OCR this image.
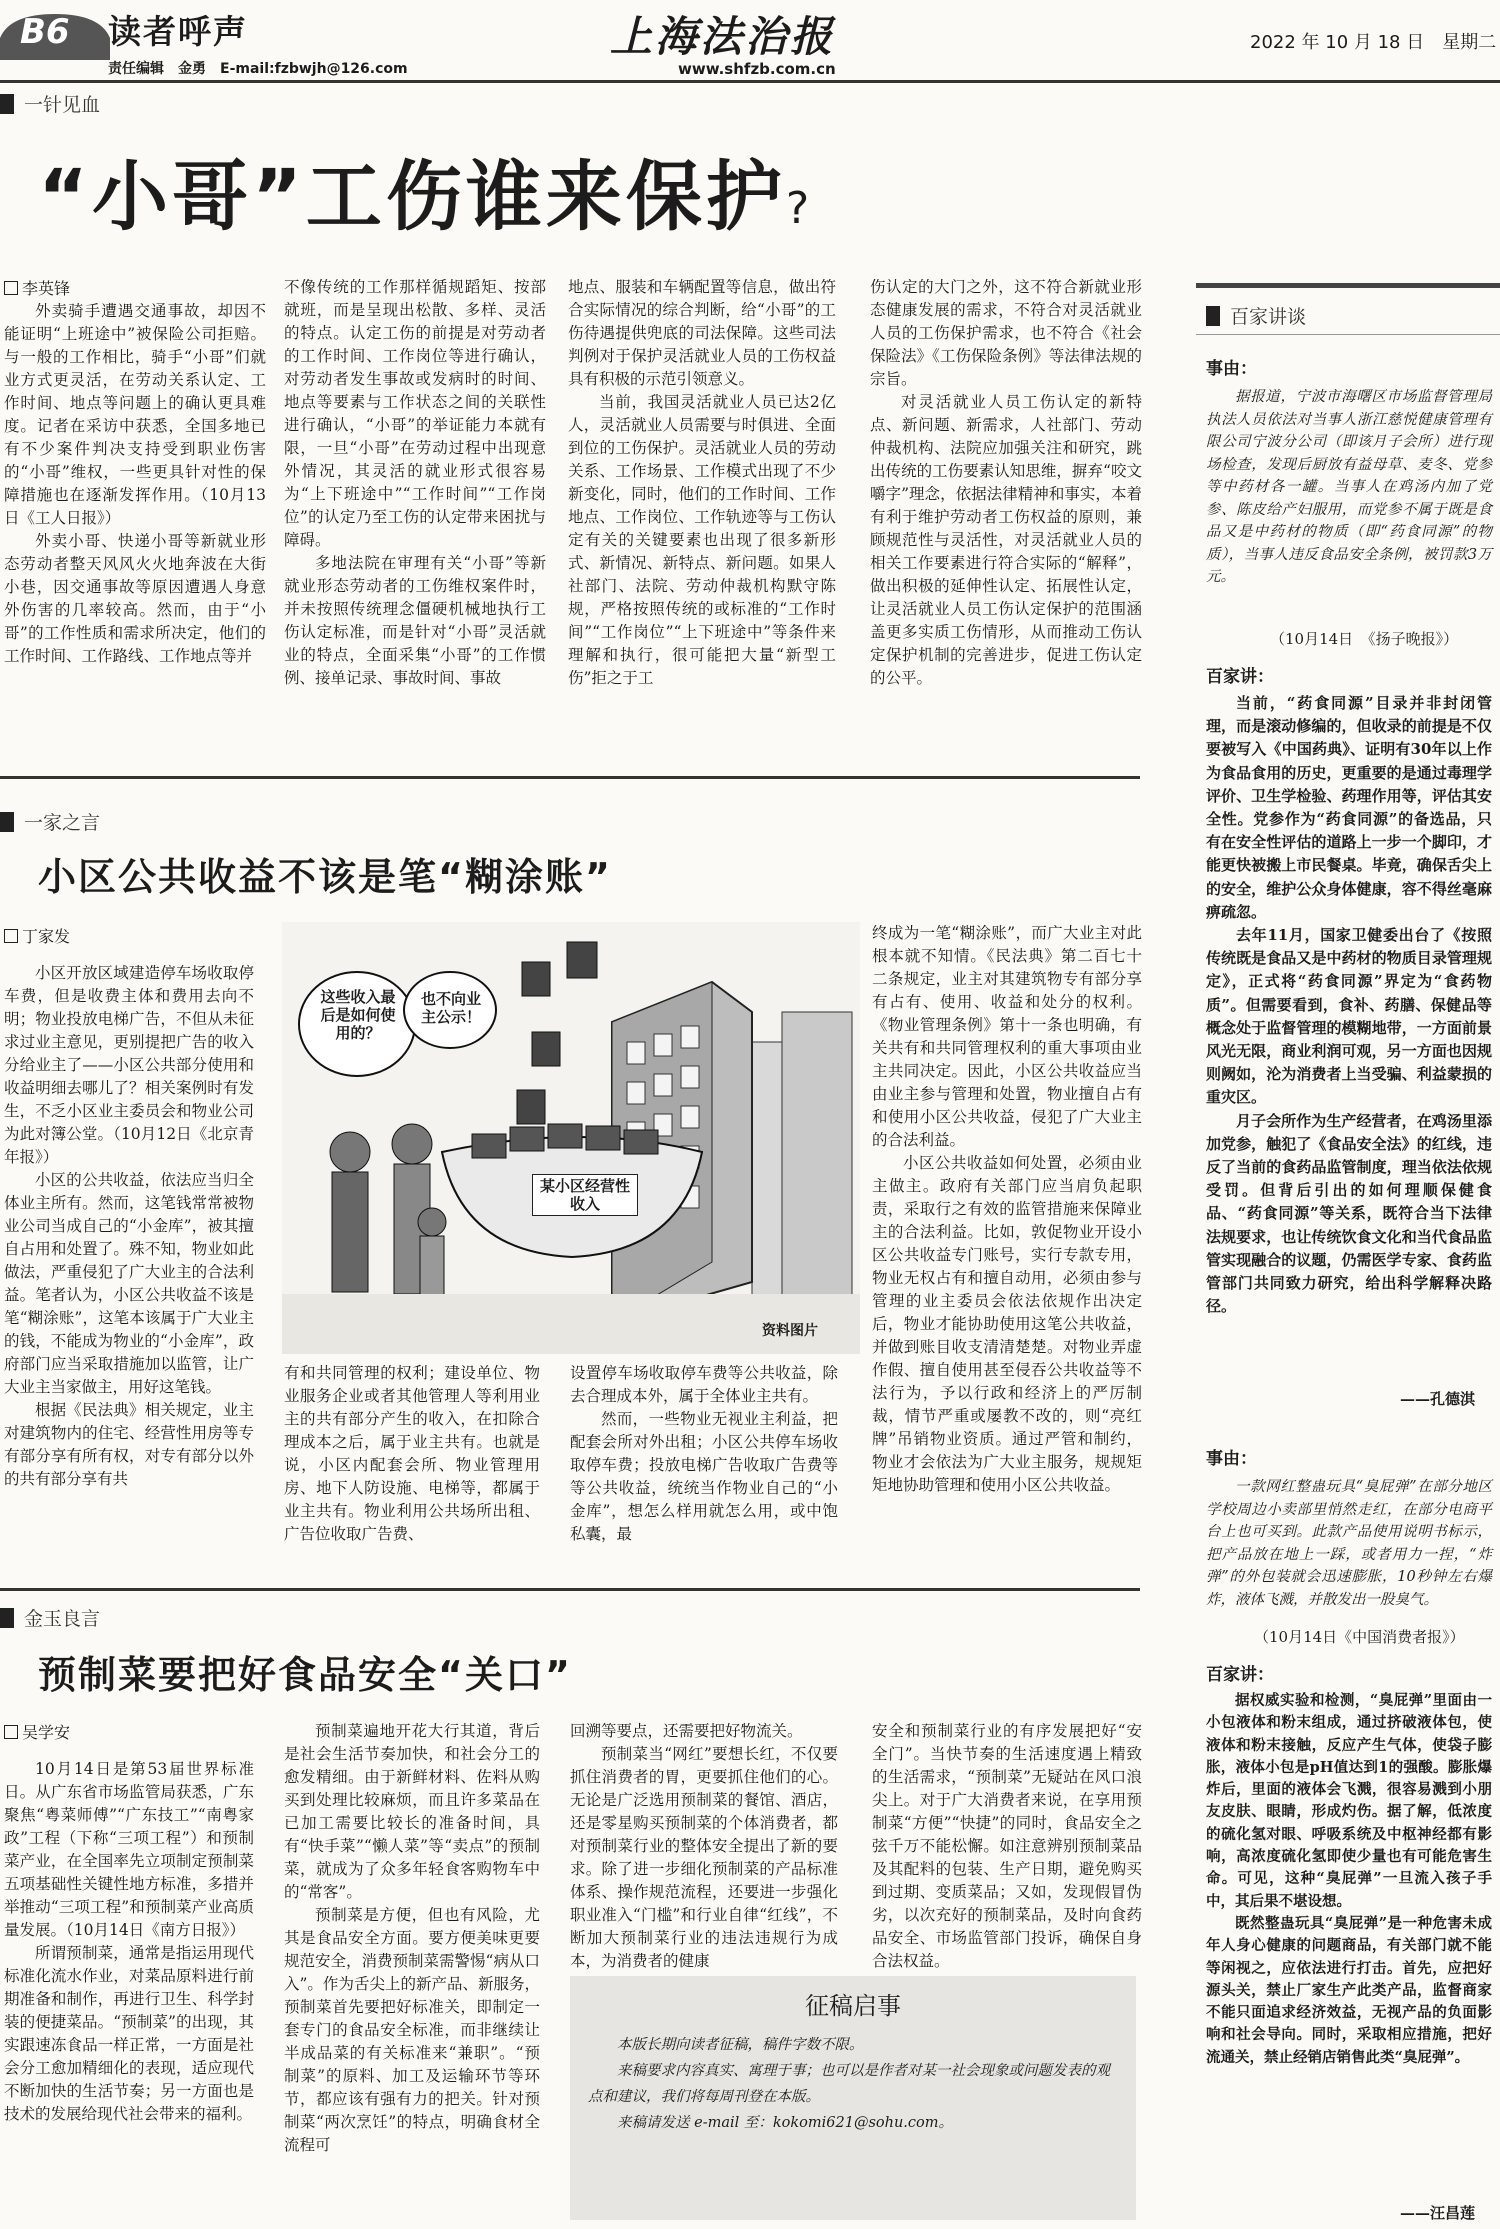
B6 读者呼声
责任编辑　金勇　E-mail:fzbwjh@126.com
上海法治报
www.shfzb.com.cn
2022 年 10 月 18 日　星期二
一针见血
“小哥”工伤谁来保护?
李英锋

外卖骑手遭遇交通事故，却因不能证明“上班途中”被保险公司拒赔。与一般的工作相比，骑手“小哥”们就业方式更灵活，在劳动关系认定、工作时间、地点等问题上的确认更具难度。记者在采访中获悉，全国多地已有不少案件判决支持受到职业伤害的“小哥”维权，一些更具针对性的保障措施也在逐渐发挥作用。（10月13日《工人日报》）

外卖小哥、快递小哥等新就业形态劳动者整天风风火火地奔波在大街小巷，因交通事故等原因遭遇人身意外伤害的几率较高。然而，由于“小哥”的工作性质和需求所决定，他们的工作时间、工作路线、工作地点等并

不像传统的工作那样循规蹈矩、按部就班，而是呈现出松散、多样、灵活的特点。认定工伤的前提是对劳动者的工作时间、工作岗位等进行确认，对劳动者发生事故或发病时的时间、地点等要素与工作状态之间的关联性进行确认，“小哥”的举证能力本就有限，一旦“小哥”在劳动过程中出现意外情况，其灵活的就业形式很容易为“上下班途中”“工作时间”“工作岗位”的认定乃至工伤的认定带来困扰与障碍。

多地法院在审理有关“小哥”等新就业形态劳动者的工伤维权案件时，并未按照传统理念僵硬机械地执行工伤认定标准，而是针对“小哥”灵活就业的特点，全面采集“小哥”的工作惯例、接单记录、事故时间、事故

地点、服装和车辆配置等信息，做出符合实际情况的综合判断，给“小哥”的工伤待遇提供兜底的司法保障。这些司法判例对于保护灵活就业人员的工伤权益具有积极的示范引领意义。

当前，我国灵活就业人员已达2亿人，灵活就业人员需要与时俱进、全面到位的工伤保护。灵活就业人员的劳动关系、工作场景、工作模式出现了不少新变化，同时，他们的工作时间、工作地点、工作岗位、工作轨迹等与工伤认定有关的关键要素也出现了很多新形式、新情况、新特点、新问题。如果人社部门、法院、劳动仲裁机构默守陈规，严格按照传统的或标准的“工作时间”“工作岗位”“上下班途中”等条件来理解和执行，很可能把大量“新型工伤”拒之于工

伤认定的大门之外，这不符合新就业形态健康发展的需求，不符合对灵活就业人员的工伤保护需求，也不符合《社会保险法》《工伤保险条例》等法律法规的宗旨。

对灵活就业人员工伤认定的新特点、新问题、新需求，人社部门、劳动仲裁机构、法院应加强关注和研究，跳出传统的工伤要素认知思维，摒弃“咬文嚼字”理念，依据法律精神和事实，本着有利于维护劳动者工伤权益的原则，兼顾规范性与灵活性，对灵活就业人员的相关工作要素进行符合实际的“解释”，做出积极的延伸性认定、拓展性认定，让灵活就业人员工伤认定保护的范围涵盖更多实质工伤情形，从而推动工伤认定保护机制的完善进步，促进工伤认定的公平。

一家之言
小区公共收益不该是笔“糊涂账”
丁家发

小区开放区域建造停车场收取停车费，但是收费主体和费用去向不明；物业投放电梯广告，不但从未征求过业主意见，更别提把广告的收入分给业主了——小区公共部分使用和收益明细去哪儿了？相关案例时有发生，不乏小区业主委员会和物业公司为此对簿公堂。（10月12日《北京青年报》）

小区的公共收益，依法应当归全体业主所有。然而，这笔钱常常被物业公司当成自己的“小金库”，被其擅自占用和处置了。殊不知，物业如此做法，严重侵犯了广大业主的合法利益。笔者认为，小区公共收益不该是笔“糊涂账”，这笔本该属于广大业主的钱，不能成为物业的“小金库”，政府部门应当采取措施加以监管，让广大业主当家做主，用好这笔钱。

根据《民法典》相关规定，业主对建筑物内的住宅、经营性用房等专有部分享有所有权，对专有部分以外的共有部分享有共

这些收入最后是如何使用的？
也不向业主公示！
某小区经营性收入
资料图片

有和共同管理的权利；建设单位、物业服务企业或者其他管理人等利用业主的共有部分产生的收入，在扣除合理成本之后，属于业主共有。也就是说，小区内配套会所、物业管理用房、地下人防设施、电梯等，都属于业主共有。物业利用公共场所出租、广告位收取广告费、

设置停车场收取停车费等公共收益，除去合理成本外，属于全体业主共有。

然而，一些物业无视业主利益，把配套会所对外出租；小区公共停车场收取停车费；投放电梯广告收取广告费等等公共收益，统统当作物业自己的“小金库”，想怎么样用就怎么用，或中饱私囊，最

终成为一笔“糊涂账”，而广大业主对此根本就不知情。《民法典》第二百七十二条规定，业主对其建筑物专有部分享有占有、使用、收益和处分的权利。《物业管理条例》第十一条也明确，有关共有和共同管理权利的重大事项由业主共同决定。因此，小区公共收益应当由业主参与管理和处置，物业擅自占有和使用小区公共收益，侵犯了广大业主的合法利益。

小区公共收益如何处置，必须由业主做主。政府有关部门应当肩负起职责，采取行之有效的监管措施来保障业主的合法利益。比如，敦促物业开设小区公共收益专门账号，实行专款专用，物业无权占有和擅自动用，必须由参与管理的业主委员会依法依规作出决定后，物业才能协助使用这笔公共收益，并做到账目收支清清楚楚。对物业弄虚作假、擅自使用甚至侵吞公共收益等不法行为，予以行政和经济上的严厉制裁，情节严重或屡教不改的，则“亮红牌”吊销物业资质。通过严管和制约，物业才会依法为广大业主服务，规规矩矩地协助管理和使用小区公共收益。

金玉良言
预制菜要把好食品安全“关口”
吴学安

10月14日是第53届世界标准日。从广东省市场监管局获悉，广东聚焦“粤菜师傅”“广东技工”“南粤家政”工程（下称“三项工程”）和预制菜产业，在全国率先立项制定预制菜五项基础性关键性地方标准，多措并举推动“三项工程”和预制菜产业高质量发展。（10月14日《南方日报》）

所谓预制菜，通常是指运用现代标准化流水作业，对菜品原料进行前期准备和制作，再进行卫生、科学封装的便捷菜品。“预制菜”的出现，其实跟速冻食品一样正常，一方面是社会分工愈加精细化的表现，适应现代不断加快的生活节奏；另一方面也是技术的发展给现代社会带来的福利。

预制菜遍地开花大行其道，背后是社会生活节奏加快，和社会分工的愈发精细。由于新鲜材料、佐料从购买到处理比较麻烦，而且许多菜品在已加工需要比较长的准备时间，具有“快手菜”“懒人菜”等“卖点”的预制菜，就成为了众多年轻食客购物车中的“常客”。

预制菜是方便，但也有风险，尤其是食品安全方面。要方便美味更要规范安全，消费预制菜需警惕“病从口入”。作为舌尖上的新产品、新服务，预制菜首先要把好标准关，即制定一套专门的食品安全标准，而非继续让半成品菜的有关标准来“兼职”。“预制菜”的原料、加工及运输环节等环节，都应该有强有力的把关。针对预制菜“两次烹饪”的特点，明确食材全流程可

回溯等要点，还需要把好物流关。

预制菜当“网红”要想长红，不仅要抓住消费者的胃，更要抓住他们的心。无论是广泛选用预制菜的餐馆、酒店，还是零星购买预制菜的个体消费者，都对预制菜行业的整体安全提出了新的要求。除了进一步细化预制菜的产品标准体系、操作规范流程，还要进一步强化职业准入“门槛”和行业自律“红线”，不断加大预制菜行业的违法违规行为成本，为消费者的健康

安全和预制菜行业的有序发展把好“安全门”。当快节奏的生活速度遇上精致的生活需求，“预制菜”无疑站在风口浪尖上。对于广大消费者来说，在享用预制菜“方便”“快捷”的同时，食品安全之弦千万不能松懈。如注意辨别预制菜品及其配料的包装、生产日期，避免购买到过期、变质菜品；又如，发现假冒伪劣，以次充好的预制菜品，及时向食药品安全、市场监管部门投诉，确保自身合法权益。

征稿启事
本版长期向读者征稿，稿件字数不限。
来稿要求内容真实、寓理于事；也可以是作者对某一社会现象或问题发表的观点和建议，我们将每周刊登在本版。
来稿请发送 e-mail 至：kokomi621@sohu.com。
百家讲谈
事由：

据报道，宁波市海曙区市场监督管理局执法人员依法对当事人浙江慈悦健康管理有限公司宁波分公司（即该月子会所）进行现场检查，发现后厨放有益母草、麦冬、党参等中药材各一罐。当事人在鸡汤内加了党参、陈皮给产妇服用，而党参不属于既是食品又是中药材的物质（即“药食同源”的物质），当事人违反食品安全条例，被罚款3万元。

（10月14日　《扬子晚报》）
百家讲：

当前，“药食同源”目录并非封闭管理，而是滚动修编的，但收录的前提是不仅要被写入《中国药典》、证明有30年以上作为食品食用的历史，更重要的是通过毒理学评价、卫生学检验、药理作用等，评估其安全性。党参作为“药食同源”的备选品，只有在安全性评估的道路上一步一个脚印，才能更快被搬上市民餐桌。毕竟，确保舌尖上的安全，维护公众身体健康，容不得丝毫麻痹疏忽。

去年11月，国家卫健委出台了《按照传统既是食品又是中药材的物质目录管理规定》，正式将“药食同源”界定为“食药物质”。但需要看到，食补、药膳、保健品等概念处于监督管理的模糊地带，一方面前景风光无限，商业利润可观，另一方面也因规则阙如，沦为消费者上当受骗、利益蒙损的重灾区。

月子会所作为生产经营者，在鸡汤里添加党参，触犯了《食品安全法》的红线，违反了当前的食药品监管制度，理当依法依规受罚。但背后引出的如何理顺保健食品、“药食同源”等关系，既符合当下法律法规要求，也让传统饮食文化和当代食品监管实现融合的议题，仍需医学专家、食药监管部门共同致力研究，给出科学解释决路径。

——孔德淇
事由：

一款网红整蛊玩具“臭屁弹”在部分地区学校周边小卖部里悄然走红，在部分电商平台上也可买到。此款产品使用说明书标示，把产品放在地上一踩，或者用力一捏，“炸弹”的外包装就会迅速膨胀，10秒钟左右爆炸，液体飞溅，并散发出一股臭气。

（10月14日《中国消费者报》）
百家讲：

据权威实验和检测，“臭屁弹”里面由一小包液体和粉末组成，通过挤破液体包，使液体和粉末接触，反应产生气体，使袋子膨胀，液体小包是pH值达到1的强酸。膨胀爆炸后，里面的液体会飞溅，很容易溅到小朋友皮肤、眼睛，形成灼伤。据了解，低浓度的硫化氢对眼、呼吸系统及中枢神经都有影响，高浓度硫化氢即使少量也有可能危害生命。可见，这种“臭屁弹”一旦流入孩子手中，其后果不堪设想。

既然整蛊玩具“臭屁弹”是一种危害未成年人身心健康的问题商品，有关部门就不能等闲视之，应依法进行打击。首先，应把好源头关，禁止厂家生产此类产品，监督商家不能只面追求经济效益，无视产品的负面影响和社会导向。同时，采取相应措施，把好流通关，禁止经销店销售此类“臭屁弹”。

——汪昌莲
